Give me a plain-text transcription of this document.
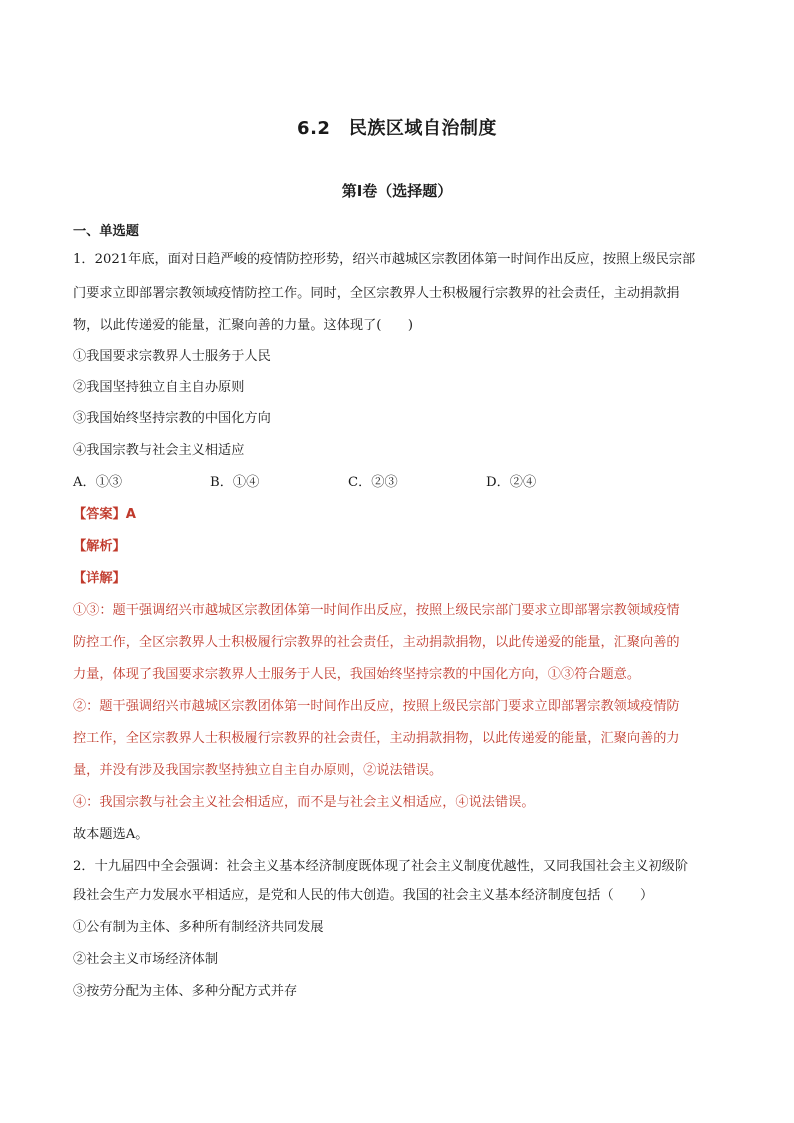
6.2　民族区域自治制度
第I卷（选择题）
一、单选题
1．2021年底，面对日趋严峻的疫情防控形势，绍兴市越城区宗教团体第一时间作出反应，按照上级民宗部
门要求立即部署宗教领域疫情防控工作。同时，全区宗教界人士积极履行宗教界的社会责任，主动捐款捐
物，以此传递爱的能量，汇聚向善的力量。这体现了(　　)
①我国要求宗教界人士服务于人民
②我国坚持独立自主自办原则
③我国始终坚持宗教的中国化方向
④我国宗教与社会主义相适应
A．①③	B．①④	C．②③	D．②④
【答案】A
【解析】
【详解】
①③：题干强调绍兴市越城区宗教团体第一时间作出反应，按照上级民宗部门要求立即部署宗教领域疫情
防控工作，全区宗教界人士积极履行宗教界的社会责任，主动捐款捐物，以此传递爱的能量，汇聚向善的
力量，体现了我国要求宗教界人士服务于人民，我国始终坚持宗教的中国化方向，①③符合题意。
②：题干强调绍兴市越城区宗教团体第一时间作出反应，按照上级民宗部门要求立即部署宗教领域疫情防
控工作，全区宗教界人士积极履行宗教界的社会责任，主动捐款捐物，以此传递爱的能量，汇聚向善的力
量，并没有涉及我国宗教坚持独立自主自办原则，②说法错误。
④：我国宗教与社会主义社会相适应，而不是与社会主义相适应，④说法错误。
故本题选A。
2．十九届四中全会强调：社会主义基本经济制度既体现了社会主义制度优越性，又同我国社会主义初级阶
段社会生产力发展水平相适应，是党和人民的伟大创造。我国的社会主义基本经济制度包括（　　）
①公有制为主体、多种所有制经济共同发展
②社会主义市场经济体制
③按劳分配为主体、多种分配方式并存
